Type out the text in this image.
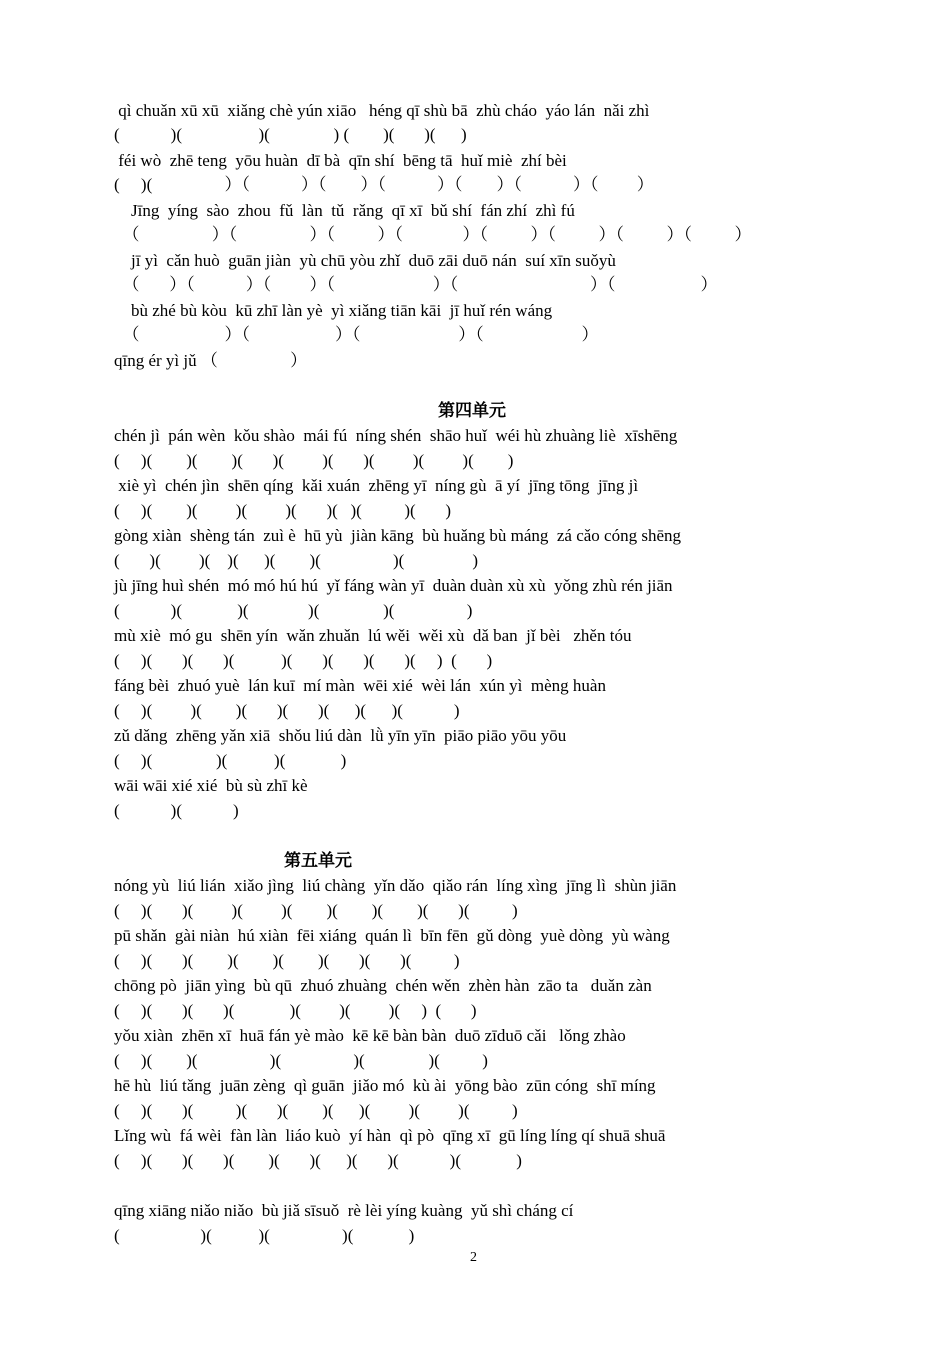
qì chuǎn xū xū  xiǎng chè yún xiāo   héng qī shù bā  zhù cháo  yáo lán  nǎi zhì
(            )(                  )(               ) (        )(       )(      )
féi wò  zhē teng  yōu huàn  dī bà  qīn shí  bēng tā  huǐ miè  zhí bèi
(     )(                 ）（            ）（        ）（            ）（        ）（            ）（         ）
Jīng  yíng  sào  zhou  fǔ  làn  tǔ  rǎng  qī xī  bǔ shí  fán zhí  zhì fú
（                 ）（                 ）（          ）（              ）（          ）（          ）（          ）（          ）
jī yì  cǎn huò  guān jiàn  yù chū yòu zhǐ  duō zāi duō nán  suí xīn suǒyù
（       ）（            ）（         ）（                       ）（                               ）（                    ）
bù zhé bù kòu  kū zhī làn yè  yì xiǎng tiān kāi  jī huǐ rén wáng
（                    ）（                    ）（                       ）（                       ）
qīng ér yì jǔ （                 ）
第四单元
chén jì  pán wèn  kǒu shào  mái fú  níng shén  shāo huǐ  wéi hù zhuàng liè  xīshēng
(     )(        )(        )(       )(         )(       )(         )(         )(        )
xiè yì  chén jìn  shēn qíng  kǎi xuán  zhēng yī  níng gù  ā yí  jīng tōng  jīng jì
(     )(        )(         )(         )(       )(   )(          )(       )
gòng xiàn  shèng tán  zuì è  hū yù  jiàn kāng  bù huǎng bù máng  zá cǎo cóng shēng
(       )(         )(    )(      )(        )(                 )(                )
jù jīng huì shén  mó mó hú hú  yǐ fáng wàn yī  duàn duàn xù xù  yǒng zhù rén jiān
(            )(             )(              )(               )(                 )
mù xiè  mó gu  shēn yín  wǎn zhuǎn  lú wěi  wěi xù  dǎ ban  jǐ bèi   zhěn tóu
(     )(       )(       )(           )(       )(       )(       )(     )  (       )
fáng bèi  zhuó yuè  lán kuī  mí màn  wēi xié  wèi lán  xún yì  mèng huàn
(     )(         )(        )(       )(       )(      )(      )(            )
zǔ dǎng  zhēng yǎn xiā  shǒu liú dàn  lǜ yīn yīn  piāo piāo yōu yōu
(     )(               )(           )(             )
wāi wāi xié xié  bù sù zhī kè
(            )(            )
第五单元
nóng yù  liú lián  xiǎo jìng  liú chàng  yǐn dǎo  qiǎo rán  líng xìng  jīng lì  shùn jiān
(     )(       )(         )(         )(        )(        )(        )(       )(          )
pū shǎn  gài niàn  hú xiàn  fēi xiáng  quán lì  bīn fēn  gǔ dòng  yuè dòng  yù wàng
(     )(       )(        )(        )(        )(       )(       )(          )
chōng pò  jiān yìng  bù qū  zhuó zhuàng  chén wěn  zhèn hàn  zāo ta   duǎn zàn
(     )(       )(       )(             )(         )(         )(     )  (       )
yǒu xiàn  zhēn xī  huā fán yè mào  kē kē bàn bàn  duō zīduō cǎi   lǒng zhào
(     )(        )(                 )(                 )(               )(          )
hē hù  liú tǎng  juān zèng  qì guān  jiǎo mó  kù ài  yōng bào  zūn cóng  shī míng
(     )(       )(          )(       )(        )(      )(         )(         )(          )
Lǐng wù  fá wèi  fàn làn  liáo kuò  yí hàn  qì pò  qīng xī  gū líng líng qí shuā shuā
(     )(       )(       )(        )(       )(      )(       )(            )(             )
qīng xiāng niǎo niǎo  bù jiǎ sīsuǒ  rè lèi yíng kuàng  yǔ shì cháng cí
(                   )(           )(                 )(             )
2
